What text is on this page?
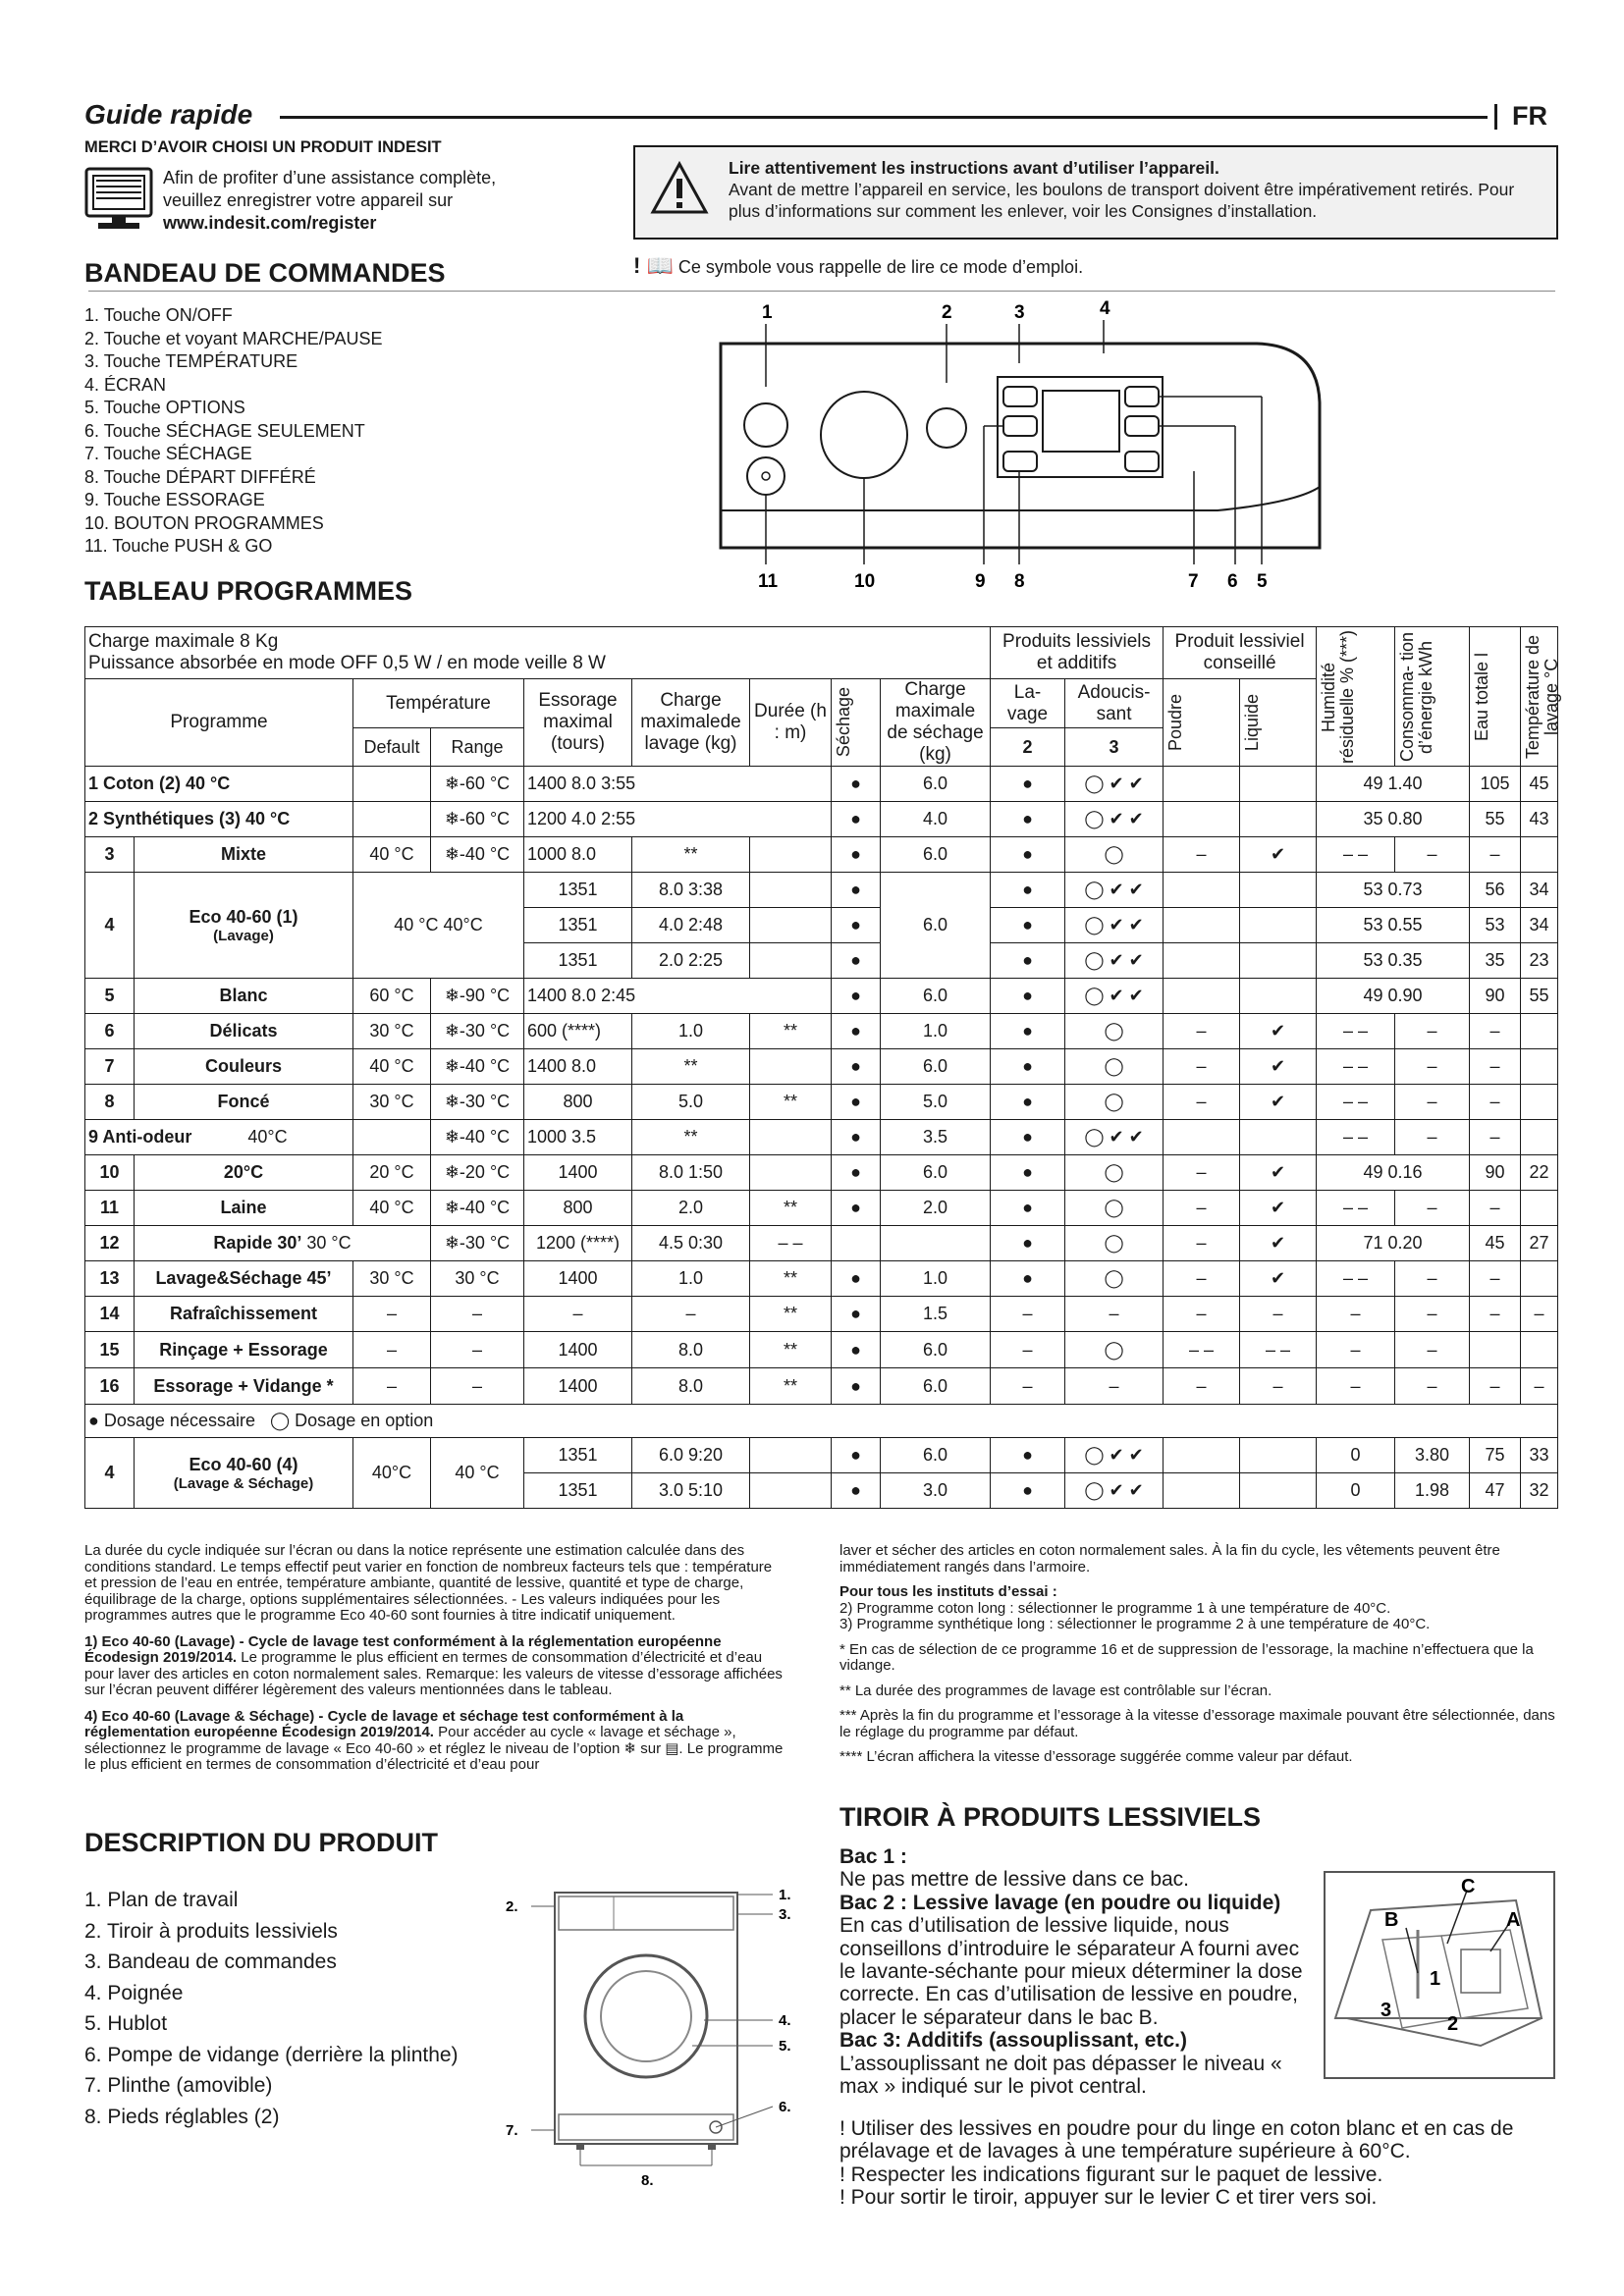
Guide rapide	FR
MERCI D’AVOIR CHOISI UN PRODUIT INDESIT
Afin de profiter d’une assistance complète, veuillez enregistrer votre appareil sur
www.indesit.com/register
Lire attentivement les instructions avant d’utiliser l’appareil.
Avant de mettre l’appareil en service, les boulons de transport doivent être impérativement retirés. Pour plus d’informations sur comment les enlever, voir les Consignes d’installation.
! 📖 Ce symbole vous rappelle de lire ce mode d’emploi.
BANDEAU DE COMMANDES
1. Touche ON/OFF
2. Touche et voyant MARCHE/PAUSE
3. Touche TEMPÉRATURE
4. ÉCRAN
5. Touche OPTIONS
6. Touche SÉCHAGE SEULEMENT
7. Touche SÉCHAGE
8. Touche DÉPART DIFFÉRÉ
9. Touche ESSORAGE
10. BOUTON PROGRAMMES
11. Touche PUSH & GO
1	2	3	4
11	10	9 8	7 6 5
TABLEAU PROGRAMMES
Charge maximale 8 Kg
Puissance absorbée en mode OFF 0,5 W / en mode veille 8 W									Produits lessiviels et additifs		Produit lessiviel conseillé		Humidité résiduelle % (***)	Consomma- tion d’énergie kWh	Eau totale l	Température de lavage °C

Programme		Température		Essorage maximal (tours)	Charge maximalede lavage (kg)	Durée (h : m)	Séchage	Charge maximale de séchage (kg)	La- vage	Adoucis- sant	Poudre	Liquide				

		Default	Range						2	3						
1 Coton (2) 40 °C			❄-60 °C	1400 8.0 3:55			●	6.0	●	◯ ✔ ✔			49 1.40		105	45
2 Synthétiques (3) 40 °C			❄-60 °C	1200 4.0 2:55			●	4.0	●	◯ ✔ ✔			35 0.80		55	43
3	Mixte	40 °C	❄-40 °C	1000 8.0	**		●	6.0	●	◯	–	✔	– –	–	–	
4	Eco 40-60 (1)
(Lavage)	40 °C 40°C		1351	8.0 3:38		●	6.0	●	◯ ✔ ✔			53 0.73		56	34
				1351	4.0 2:48		●		●	◯ ✔ ✔			53 0.55		53	34
				1351	2.0 2:25		●		●	◯ ✔ ✔			53 0.35		35	23
5	Blanc	60 °C	❄-90 °C	1400 8.0 2:45			●	6.0	●	◯ ✔ ✔			49 0.90		90	55
6	Délicats	30 °C	❄-30 °C	600 (****)	1.0	**	●	1.0	●	◯	–	✔	– –	–	–	
7	Couleurs	40 °C	❄-40 °C	1400 8.0	**		●	6.0	●	◯	–	✔	– –	–	–	
8	Foncé	30 °C	❄-30 °C	800	5.0	**	●	5.0	●	◯	–	✔	– –	–	–	
9 Anti-odeur 40°C			❄-40 °C	1000 3.5	**		●	3.5	●	◯ ✔ ✔			– –	–	–	
10	20°C	20 °C	❄-20 °C	1400	8.0 1:50		●	6.0	●	◯	–	✔	49 0.16		90	22
11	Laine	40 °C	❄-40 °C	800	2.0	**	●	2.0	●	◯	–	✔	– –	–	–	
12	Rapide 30’ 30 °C		❄-30 °C	1200 (****)	4.5 0:30	– –			●	◯	–	✔	71 0.20		45	27
13	Lavage&Séchage 45’	30 °C	30 °C	1400	1.0	**	●	1.0	●	◯	–	✔	– –	–	–	
14	Rafraîchissement	–	–	–	–	**	●	1.5	–	–	–	–	–	–	–	–
15	Rinçage + Essorage	–	–	1400	8.0	**	●	6.0	–	◯	– –	– –	–	–		
16	Essorage + Vidange *	–	–	1400	8.0	**	●	6.0	–	–	–	–	–	–	–	–
● Dosage nécessaire ◯ Dosage en option																
4	Eco 40-60 (4)
(Lavage & Séchage)	40°C	40 °C	1351	6.0 9:20		●	6.0	●	◯ ✔ ✔			0	3.80	75	33
				1351	3.0 5:10		●	3.0	●	◯ ✔ ✔			0	1.98	47	32

La durée du cycle indiquée sur l’écran ou dans la notice représente une estimation calculée dans des conditions standard. Le temps effectif peut varier en fonction de nombreux facteurs tels que : température et pression de l’eau en entrée, température ambiante, quantité de lessive, quantité et type de charge, équilibrage de la charge, options supplémentaires sélectionnées. - Les valeurs indiquées pour les programmes autres que le programme Eco 40-60 sont fournies à titre indicatif uniquement.

1) Eco 40-60 (Lavage) - Cycle de lavage test conformément à la réglementation européenne Écodesign 2019/2014. Le programme le plus efficient en termes de consommation d’électricité et d’eau pour laver des articles en coton normalement sales. Remarque: les valeurs de vitesse d’essorage affichées sur l’écran peuvent différer légèrement des valeurs mentionnées dans le tableau.

4) Eco 40-60 (Lavage & Séchage) - Cycle de lavage et séchage test conformément à la réglementation européenne Écodesign 2019/2014. Pour accéder au cycle « lavage et séchage », sélectionnez le programme de lavage « Eco 40-60 » et réglez le niveau de l’option ❄ sur ▤. Le programme le plus efficient en termes de consommation d’électricité et d’eau pour

laver et sécher des articles en coton normalement sales. À la fin du cycle, les vêtements peuvent être immédiatement rangés dans l’armoire.

Pour tous les instituts d’essai :
2) Programme coton long : sélectionner le programme 1 à une température de 40°C.
3) Programme synthétique long : sélectionner le programme 2 à une température de 40°C.

* En cas de sélection de ce programme 16 et de suppression de l’essorage, la machine n’effectuera que la vidange.

** La durée des programmes de lavage est contrôlable sur l’écran.

*** Après la fin du programme et l’essorage à la vitesse d’essorage maximale pouvant être sélectionnée, dans le réglage du programme par défaut.

**** L’écran affichera la vitesse d’essorage suggérée comme valeur par défaut.

DESCRIPTION DU PRODUIT
1. Plan de travail
2. Tiroir à produits lessiviels
3. Bandeau de commandes
4. Poignée
5. Hublot
6. Pompe de vidange (derrière la plinthe)
7. Plinthe (amovible)
8. Pieds réglables (2)
1.
2.	3.
4.
5.
6.
7.
8.
TIROIR À PRODUITS LESSIVIELS
Bac 1 :
Ne pas mettre de lessive dans ce bac.
Bac 2 : Lessive lavage (en poudre ou liquide)
En cas d’utilisation de lessive liquide, nous conseillons d’introduire le séparateur A fourni avec le lavante-séchante pour mieux déterminer la dose correcte. En cas d’utilisation de lessive en poudre, placer le séparateur dans le bac B.
Bac 3: Additifs (assouplissant, etc.)
L’assouplissant ne doit pas dépasser le niveau « max » indiqué sur le pivot central.
! Utiliser des lessives en poudre pour du linge en coton blanc et en cas de prélavage et de lavages à une température supérieure à 60°C.
! Respecter les indications figurant sur le paquet de lessive.
! Pour sortir le tiroir, appuyer sur le levier C et tirer vers soi.
C
B	A
1
2
3
